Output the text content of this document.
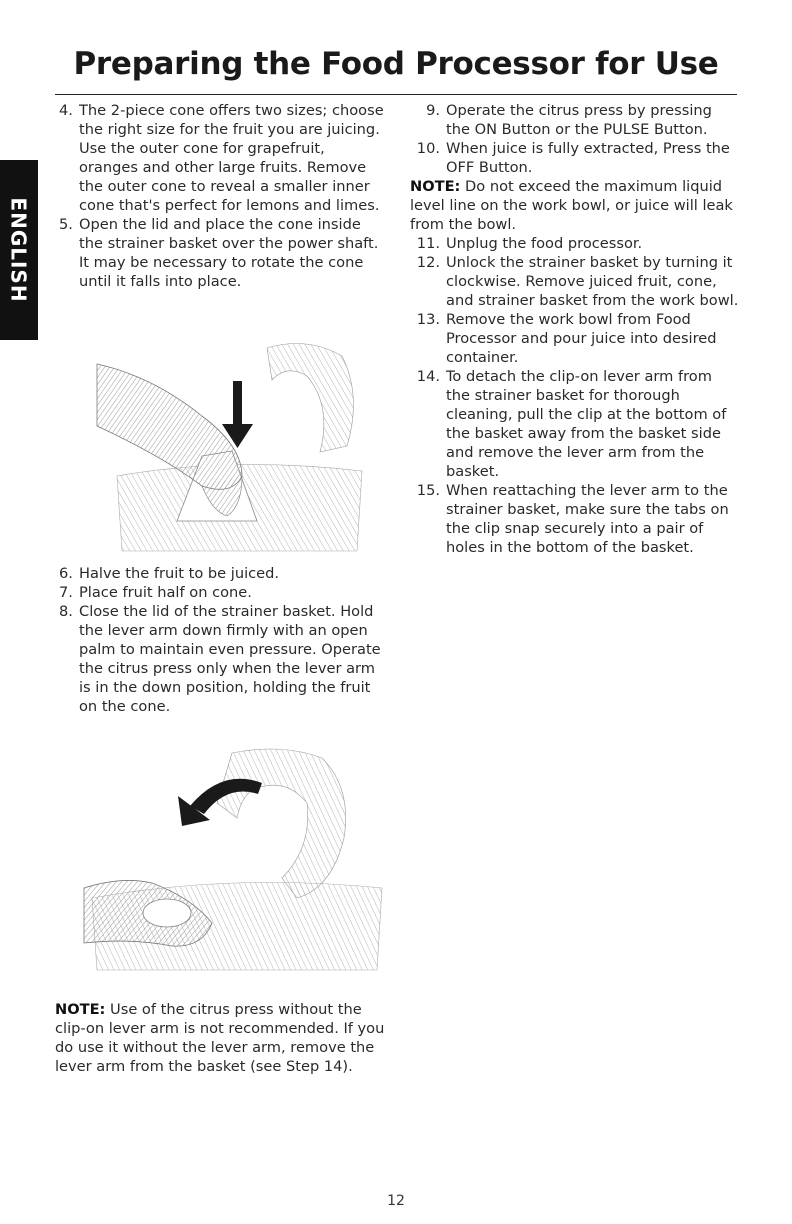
Preparing the Food Processor for Use
ENGLISH

4. The 2-piece cone offers two sizes; choose the right size for the fruit you are juicing. Use the outer cone for grapefruit, oranges and other large fruits. Remove the outer cone to reveal a smaller inner cone that's perfect for lemons and limes.

5. Open the lid and place the cone inside the strainer basket over the power shaft. It may be necessary to rotate the cone until it falls into place.

6. Halve the fruit to be juiced.

7. Place fruit half on cone.

8. Close the lid of the strainer basket. Hold the lever arm down firmly with an open palm to maintain even pressure. Operate the citrus press only when the lever arm is in the down position, holding the fruit on the cone.

NOTE: Use of the citrus press without the clip-on lever arm is not recommended. If you do use it without the lever arm, remove the lever arm from the basket (see Step 14).

9. Operate the citrus press by pressing the ON Button or the PULSE Button.

10. When juice is fully extracted, Press the OFF Button.

NOTE: Do not exceed the maximum liquid level line on the work bowl, or juice will leak from the bowl.

11. Unplug the food processor.

12. Unlock the strainer basket by turning it clockwise. Remove juiced fruit, cone, and strainer basket from the work bowl.

13. Remove the work bowl from Food Processor and pour juice into desired container.

14. To detach the clip-on lever arm from the strainer basket for thorough cleaning, pull the clip at the bottom of the basket away from the basket side and remove the lever arm from the basket.

15. When reattaching the lever arm to the strainer basket, make sure the tabs on the clip snap securely into a pair of holes in the bottom of the basket.

12
